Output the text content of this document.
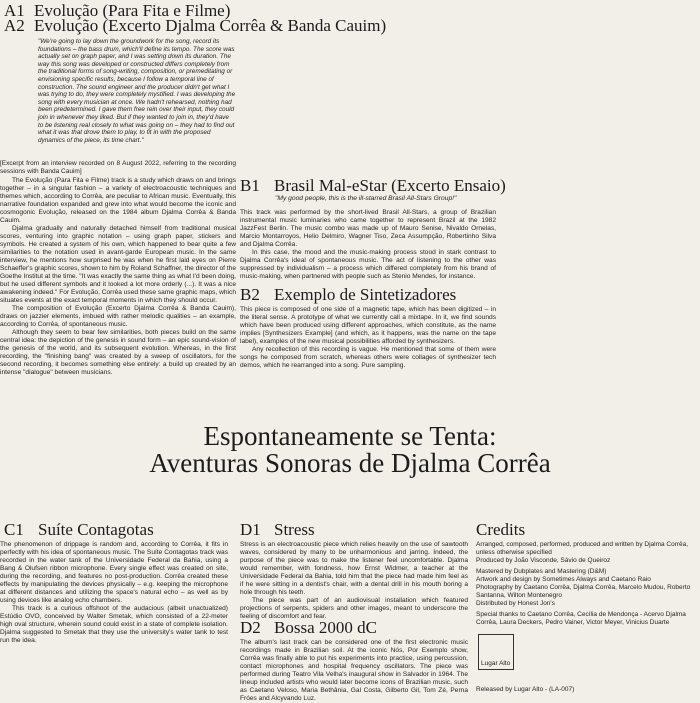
A1 Evolução (Para Fita e Filme)
A2 Evolução (Excerto Djalma Corrêa & Banda Cauim)

"We're going to lay down the groundwork for the song, record its foundations – the bass drum, which'll define its tempo. The score was actually set on graph paper, and I was setting down its duration. The way this song was developed or constructed differs completely from the traditional forms of song-writing, composition, or premeditating or envisioning specific results, because I follow a temporal line of construction. The sound engineer and the producer didn't get what I was trying to do, they were completely mystified. I was developing the song with every musician at once. We hadn't rehearsed, nothing had been predetermined. I gave them free rein over their input, they could join in whenever they liked. But if they wanted to join in, they'd have to be listening real closely to what was going on – they had to find out what it was that drove them to play, to fit in with the proposed dynamics of the piece, its time chart."

[Excerpt from an interview recorded on 8 August 2022, referring to the recording sessions with Banda Cauim]

The Evolução (Para Fita e Filme) track is a study which draws on and brings together – in a singular fashion – a variety of electroacoustic techniques and themes which, according to Corrêa, are peculiar to African music. Eventually, this narrative foundation expanded and grew into what would become the iconic and cosmogonic Evolução, released on the 1984 album Djalma Corrêa & Banda Cauim.

Djalma gradually and naturally detached himself from traditional musical scores, venturing into graphic notation – using graph paper, stickers and symbols. He created a system of his own, which happened to bear quite a few similarities to the notation used in avant-garde European music. In the same interview, he mentions how surprised he was when he first laid eyes on Pierre Schaeffer's graphic scores, shown to him by Roland Schaffner, the director of the Goethe Institut at the time. "It was exactly the same thing as what I'd been doing, but he used different symbols and it looked a lot more orderly (...). It was a nice awakening indeed." For Evolução, Corrêa used these same graphic maps, which situates events at the exact temporal moments in which they should occur.

The composition of Evolução (Excerto Djalma Corrêa & Banda Cauim), draws on jazzier elements, imbued with rather melodic qualities – an example, according to Corrêa, of spontaneous music.

Although they seem to bear few similarities, both pieces build on the same central idea: the depiction of the genesis in sound form – an epic sound-vision of the genesis of the world, and its subsequent evolution. Whereas, in the first recording, the "finishing bang" was created by a sweep of oscillators, for the second recording, it becomes something else entirely: a build up created by an intense "dialogue" between musicians.

B1 Brasil Mal-eStar (Excerto Ensaio)

"My good people, this is the ill-starred Brasil All-Stars Group!"

This track was performed by the short-lived Brasil All-Stars, a group of Brazilian instrumental music luminaries who came together to represent Brazil at the 1982 JazzFest Berlin. The music combo was made up of Mauro Senise, Nivaldo Ornelas, Marcio Montarroyos, Helio Delmiro, Wagner Tiso, Zeca Assumpção, Robertinho Silva and Djalma Corrêa.

In this case, the mood and the music-making process stood in stark contrast to Djalma Corrêa's ideal of spontaneous music. The act of listening to the other was suppressed by individualism – a process which differed completely from his brand of music-making, when partnered with people such as Stenio Mendes, for instance.

B2 Exemplo de Sintetizadores

This piece is composed of one side of a magnetic tape, which has been digitized – in the literal sense. A prototype of what we currently call a mixtape. In it, we find sounds which have been produced using different approaches, which constitute, as the name implies [Synthesizers Example] (and which, as it happens, was the name on the tape label), examples of the new musical possibilities afforded by synthesizers.

Any recollection of this recording is vague. He mentioned that some of them were songs he composed from scratch, whereas others were collages of synthesizer tech demos, which he rearranged into a song. Pure sampling.

Espontaneamente se Tenta:
Aventuras Sonoras de Djalma Corrêa
C1 Suíte Contagotas

The phenomenon of drippage is random and, according to Corrêa, it fits in perfectly with his idea of spontaneous music. The Suíte Contagotas track was recorded in the water tank of the Universidade Federal da Bahia, using a Bang & Olufsen ribbon microphone. Every single effect was created on site, during the recording, and features no post-production. Corrêa created these effects by manipulating the devices physically – e.g. keeping the microphone at different distances and utilizing the space's natural echo – as well as by using devices like analog echo chambers.

This track is a curious offshoot of the audacious (albeit unactualized) Estúdio OVO, conceived by Walter Smetak, which consisted of a 22-meter high oval structure, wherein sound could exist in a state of complete isolation. Djalma suggested to Smetak that they use the university's water tank to test run the idea.

D1 Stress

Stress is an electroacoustic piece which relies heavily on the use of sawtooth waves, considered by many to be unharmonious and jarring. Indeed, the purpose of the piece was to make the listener feel uncomfortable. Djalma would remember, with fondness, how Ernst Widmer, a teacher at the Universidade Federal da Bahia, told him that the piece had made him feel as if he were sitting in a dentist's chair, with a dental drill in his mouth boring a hole through his teeth.

The piece was part of an audiovisual installation which featured projections of serpents, spiders and other images, meant to underscore the feeling of discomfort and fear.

D2 Bossa 2000 dC

The album's last track can be considered one of the first electronic music recordings made in Brazilian soil. At the iconic Nós, Por Exemplo show, Corrêa was finally able to put his experiments into practice, using percussion, contact microphones and hospital frequency oscillators. The piece was performed during Teatro Vila Velha's inaugural show in Salvador in 1964. The lineup included artists who would later become icons of Brazilian music, such as Caetano Veloso, Maria Bethânia, Gal Costa, Gilberto Gil, Tom Zé, Perna Fróes and Alcyvando Luz.

Credits

Arranged, composed, performed, produced and written by Djalma Corrêa, unless otherwise specified

Produced by João Visconde, Sávio de Queiroz

Mastered by Dubplates and Mastering (D&M)

Artwork and design by Sometimes Always and Caetano Raio

Photography by Caetano Corrêa, Djalma Corrêa, Marcelo Mudou, Roberto Santanna, Wilton Montenegro

Distributed by Honest Jon's

Special thanks to Caetano Corrêa, Cecília de Mendonça - Acervo Djalma Corrêa, Laura Deckers, Pedro Vainer, Victor Meyer, Vinicius Duarte

Lugar Alto

Released by Lugar Alto - (LA-007)
